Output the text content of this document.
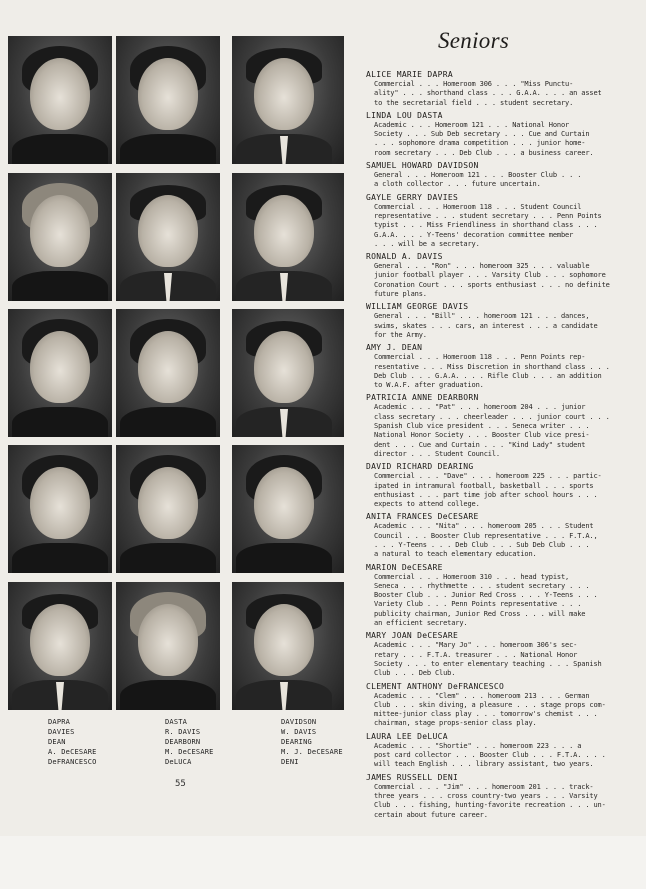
DAPRA
DAVIES
DEAN
A. DeCESARE
DeFRANCESCO
DASTA
R. DAVIS
DEARBORN
M. DeCESARE
DeLUCA
DAVIDSON
W. DAVIS
DEARING
M. J. DeCESARE
DENI
55
Seniors
ALICE MARIE DAPRA
Commercial . . . Homeroom 306 . . . "Miss Punctu-
ality" . . . shorthand class . . . G.A.A. . . . an asset
to the secretarial field . . . student secretary.
LINDA LOU DASTA
Academic . . . Homeroom 121 . . . National Honor
Society . . . Sub Deb secretary . . . Cue and Curtain
. . . sophomore drama competition . . . junior home-
room secretary . . . Deb Club . . . a business career.
SAMUEL HOWARD DAVIDSON
General . . . Homeroom 121 . . . Booster Club . . .
a cloth collector . . . future uncertain.
GAYLE GERRY DAVIES
Commercial . . . Homeroom 118 . . . Student Council
representative . . . student secretary . . . Penn Points
typist . . . Miss Friendliness in shorthand class . . .
G.A.A. . . . Y-Teens' decoration committee member
. . . will be a secretary.
RONALD A. DAVIS
General . . . "Ron" . . . homeroom 325 . . . valuable
junior football player . . . Varsity Club . . . sophomore
Coronation Court . . . sports enthusiast . . . no definite
future plans.
WILLIAM GEORGE DAVIS
General . . . "Bill" . . . homeroom 121 . . . dances,
swims, skates . . . cars, an interest . . . a candidate
for the Army.
AMY J. DEAN
Commercial . . . Homeroom 118 . . . Penn Points rep-
resentative . . . Miss Discretion in shorthand class . . .
Deb Club . . . G.A.A. . . . Rifle Club . . . an addition
to W.A.F. after graduation.
PATRICIA ANNE DEARBORN
Academic . . . "Pat" . . . homeroom 204 . . . junior
class secretary . . . cheerleader . . . junior court . . .
Spanish Club vice president . . . Seneca writer . . .
National Honor Society . . . Booster Club vice presi-
dent . . . Cue and Curtain . . . "Kind Lady" student
director . . . Student Council.
DAVID RICHARD DEARING
Commercial . . . "Dave" . . . homeroom 225 . . . partic-
ipated in intramural football, basketball . . . sports
enthusiast . . . part time job after school hours . . .
expects to attend college.
ANITA FRANCES DeCESARE
Academic . . . "Nita" . . . homeroom 205 . . . Student
Council . . . Booster Club representative . . . F.T.A.,
. . . Y-Teens . . . Deb Club . . . Sub Deb Club . . .
a natural to teach elementary education.
MARION DeCESARE
Commercial . . . Homeroom 310 . . . head typist,
Seneca . . . rhythmette . . . student secretary . . .
Booster Club . . . Junior Red Cross . . . Y-Teens . . .
Variety Club . . . Penn Points representative . . .
publicity chairman, Junior Red Cross . . . will make
an efficient secretary.
MARY JOAN DeCESARE
Academic . . . "Mary Jo" . . . homeroom 306's sec-
retary . . . F.T.A. treasurer . . . National Honor
Society . . . to enter elementary teaching . . . Spanish
Club . . . Deb Club.
CLEMENT ANTHONY DeFRANCESCO
Academic . . . "Clem" . . . homeroom 213 . . . German
Club . . . skin diving, a pleasure . . . stage props com-
mittee-junior class play . . . tomorrow's chemist . . .
chairman, stage props-senior class play.
LAURA LEE DeLUCA
Academic . . . "Shortie" . . . homeroom 223 . . . a
post card collector . . . Booster Club . . . F.T.A. . . .
will teach English . . . library assistant, two years.
JAMES RUSSELL DENI
Commercial . . . "Jim" . . . homeroom 201 . . . track-
three years . . . cross country-two years . . . Varsity
Club . . . fishing, hunting-favorite recreation . . . un-
certain about future career.
